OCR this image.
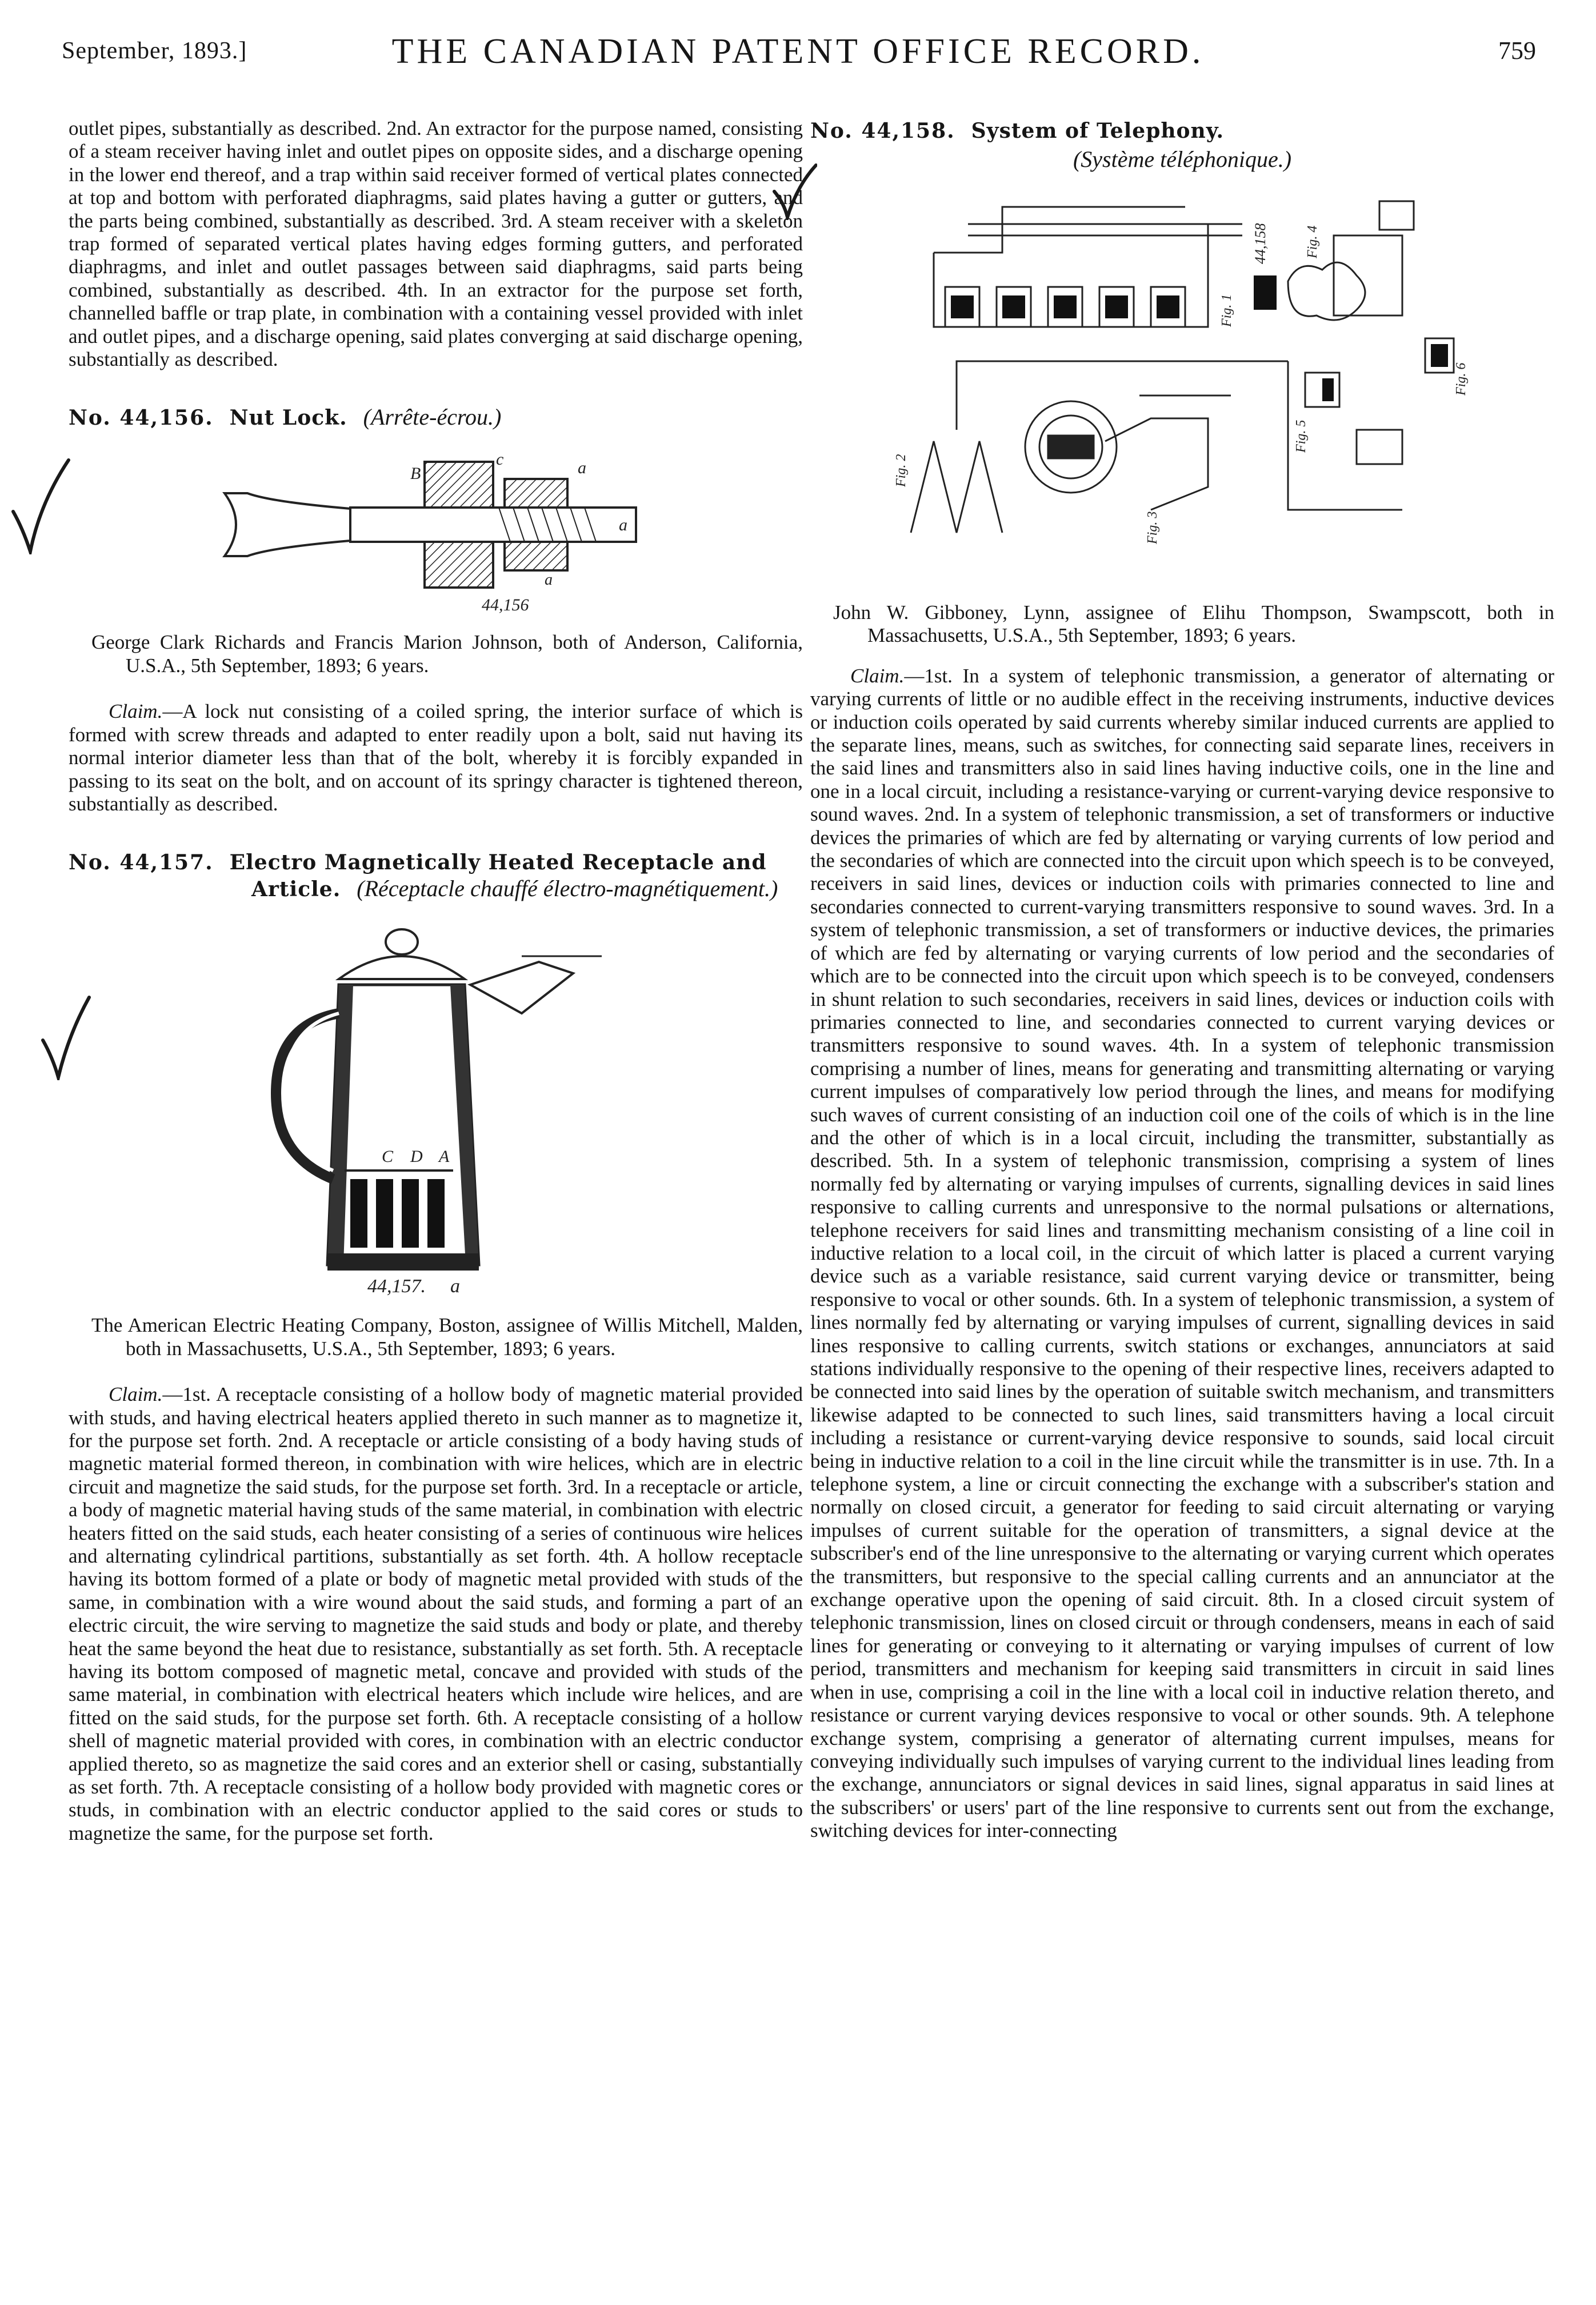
September, 1893.]	THE CANADIAN PATENT OFFICE RECORD.	759

outlet pipes, substantially as described. 2nd. An extractor for the purpose named, consisting of a steam receiver having inlet and outlet pipes on opposite sides, and a discharge opening in the lower end thereof, and a trap within said receiver formed of vertical plates connected at top and bottom with perforated diaphragms, said plates having a gutter or gutters, and the parts being combined, substantially as described. 3rd. A steam receiver with a skeleton trap formed of separated vertical plates having edges forming gutters, and perforated diaphragms, and inlet and outlet passages between said diaphragms, said parts being combined, substantially as described. 4th. In an extractor for the purpose set forth, channelled baffle or trap plate, in combination with a containing vessel provided with inlet and outlet pipes, and a discharge opening, said plates converging at said discharge opening, substantially as described.

No. 44,156. Nut Lock. (Arrête-écrou.)

B
c	a
a
a
44,156

George Clark Richards and Francis Marion Johnson, both of Anderson, California, U.S.A., 5th September, 1893; 6 years.

Claim.—A lock nut consisting of a coiled spring, the interior surface of which is formed with screw threads and adapted to enter readily upon a bolt, said nut having its normal interior diameter less than that of the bolt, whereby it is forcibly expanded in passing to its seat on the bolt, and on account of its springy character is tightened thereon, substantially as described.

No. 44,157. Electro Magnetically Heated Receptacle and Article. (Réceptacle chauffé électro-magnétiquement.)

C D A
44,157. a

The American Electric Heating Company, Boston, assignee of Willis Mitchell, Malden, both in Massachusetts, U.S.A., 5th September, 1893; 6 years.

Claim.—1st. A receptacle consisting of a hollow body of magnetic material provided with studs, and having electrical heaters applied thereto in such manner as to magnetize it, for the purpose set forth. 2nd. A receptacle or article consisting of a body having studs of magnetic material formed thereon, in combination with wire helices, which are in electric circuit and magnetize the said studs, for the purpose set forth. 3rd. In a receptacle or article, a body of magnetic material having studs of the same material, in combination with electric heaters fitted on the said studs, each heater consisting of a series of continuous wire helices and alternating cylindrical partitions, substantially as set forth. 4th. A hollow receptacle having its bottom formed of a plate or body of magnetic metal provided with studs of the same, in combination with a wire wound about the said studs, and forming a part of an electric circuit, the wire serving to magnetize the said studs and body or plate, and thereby heat the same beyond the heat due to resistance, substantially as set forth. 5th. A receptacle having its bottom composed of magnetic metal, concave and provided with studs of the same material, in combination with electrical heaters which include wire helices, and are fitted on the said studs, for the purpose set forth. 6th. A receptacle consisting of a hollow shell of magnetic material provided with cores, in combination with an electric conductor applied thereto, so as magnetize the said cores and an exterior shell or casing, substantially as set forth. 7th. A receptacle consisting of a hollow body provided with magnetic cores or studs, in combination with an electric conductor applied to the said cores or studs to magnetize the same, for the purpose set forth.

No. 44,158. System of Telephony.
(Système téléphonique.)

Fig. 1
Fig. 2
Fig. 3
Fig. 4
Fig. 5
Fig. 6
44,158

John W. Gibboney, Lynn, assignee of Elihu Thompson, Swampscott, both in Massachusetts, U.S.A., 5th September, 1893; 6 years.

Claim.—1st. In a system of telephonic transmission, a generator of alternating or varying currents of little or no audible effect in the receiving instruments, inductive devices or induction coils operated by said currents whereby similar induced currents are applied to the separate lines, means, such as switches, for connecting said separate lines, receivers in the said lines and transmitters also in said lines having inductive coils, one in the line and one in a local circuit, including a resistance-varying or current-varying device responsive to sound waves. 2nd. In a system of telephonic transmission, a set of transformers or inductive devices the primaries of which are fed by alternating or varying currents of low period and the secondaries of which are connected into the circuit upon which speech is to be conveyed, receivers in said lines, devices or induction coils with primaries connected to line and secondaries connected to current-varying transmitters responsive to sound waves. 3rd. In a system of telephonic transmission, a set of transformers or inductive devices, the primaries of which are fed by alternating or varying currents of low period and the secondaries of which are to be connected into the circuit upon which speech is to be conveyed, condensers in shunt relation to such secondaries, receivers in said lines, devices or induction coils with primaries connected to line, and secondaries connected to current varying devices or transmitters responsive to sound waves. 4th. In a system of telephonic transmission comprising a number of lines, means for generating and transmitting alternating or varying current impulses of comparatively low period through the lines, and means for modifying such waves of current consisting of an induction coil one of the coils of which is in the line and the other of which is in a local circuit, including the transmitter, substantially as described. 5th. In a system of telephonic transmission, comprising a system of lines normally fed by alternating or varying impulses of currents, signalling devices in said lines responsive to calling currents and unresponsive to the normal pulsations or alternations, telephone receivers for said lines and transmitting mechanism consisting of a line coil in inductive relation to a local coil, in the circuit of which latter is placed a current varying device such as a variable resistance, said current varying device or transmitter, being responsive to vocal or other sounds. 6th. In a system of telephonic transmission, a system of lines normally fed by alternating or varying impulses of current, signalling devices in said lines responsive to calling currents, switch stations or exchanges, annunciators at said stations individually responsive to the opening of their respective lines, receivers adapted to be connected into said lines by the operation of suitable switch mechanism, and transmitters likewise adapted to be connected to such lines, said transmitters having a local circuit including a resistance or current-varying device responsive to sounds, said local circuit being in inductive relation to a coil in the line circuit while the transmitter is in use. 7th. In a telephone system, a line or circuit connecting the exchange with a subscriber's station and normally on closed circuit, a generator for feeding to said circuit alternating or varying impulses of current suitable for the operation of transmitters, a signal device at the subscriber's end of the line unresponsive to the alternating or varying current which operates the transmitters, but responsive to the special calling currents and an annunciator at the exchange operative upon the opening of said circuit. 8th. In a closed circuit system of telephonic transmission, lines on closed circuit or through condensers, means in each of said lines for generating or conveying to it alternating or varying impulses of current of low period, transmitters and mechanism for keeping said transmitters in circuit in said lines when in use, comprising a coil in the line with a local coil in inductive relation thereto, and resistance or current varying devices responsive to vocal or other sounds. 9th. A telephone exchange system, comprising a generator of alternating current impulses, means for conveying individually such impulses of varying current to the individual lines leading from the exchange, annunciators or signal devices in said lines, signal apparatus in said lines at the subscribers' or users' part of the line responsive to currents sent out from the exchange, switching devices for inter-connecting
